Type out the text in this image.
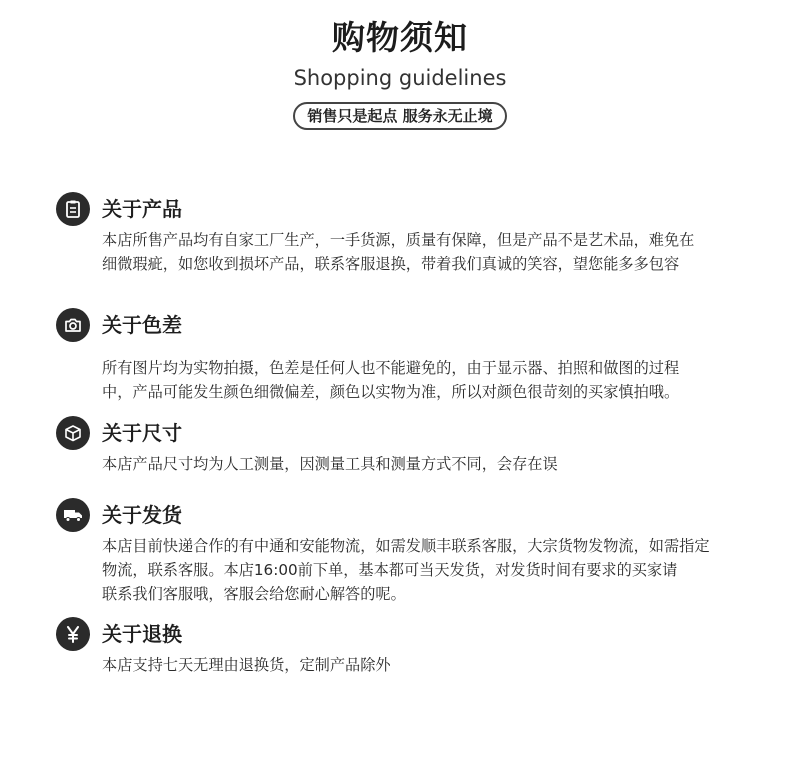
购物须知
Shopping guidelines
销售只是起点 服务永无止境
关于产品
本店所售产品均有自家工厂生产，一手货源，质量有保障，但是产品不是艺术品，难免在
细微瑕疵，如您收到损坏产品，联系客服退换，带着我们真诚的笑容，望您能多多包容
关于色差
所有图片均为实物拍摄，色差是任何人也不能避免的，由于显示器、拍照和做图的过程
中，产品可能发生颜色细微偏差，颜色以实物为准，所以对颜色很苛刻的买家慎拍哦。
关于尺寸
本店产品尺寸均为人工测量，因测量工具和测量方式不同，会存在误
关于发货
本店目前快递合作的有中通和安能物流，如需发顺丰联系客服，大宗货物发物流，如需指定
物流，联系客服。本店16:00前下单，基本都可当天发货，对发货时间有要求的买家请
联系我们客服哦，客服会给您耐心解答的呢。
关于退换
本店支持七天无理由退换货，定制产品除外
